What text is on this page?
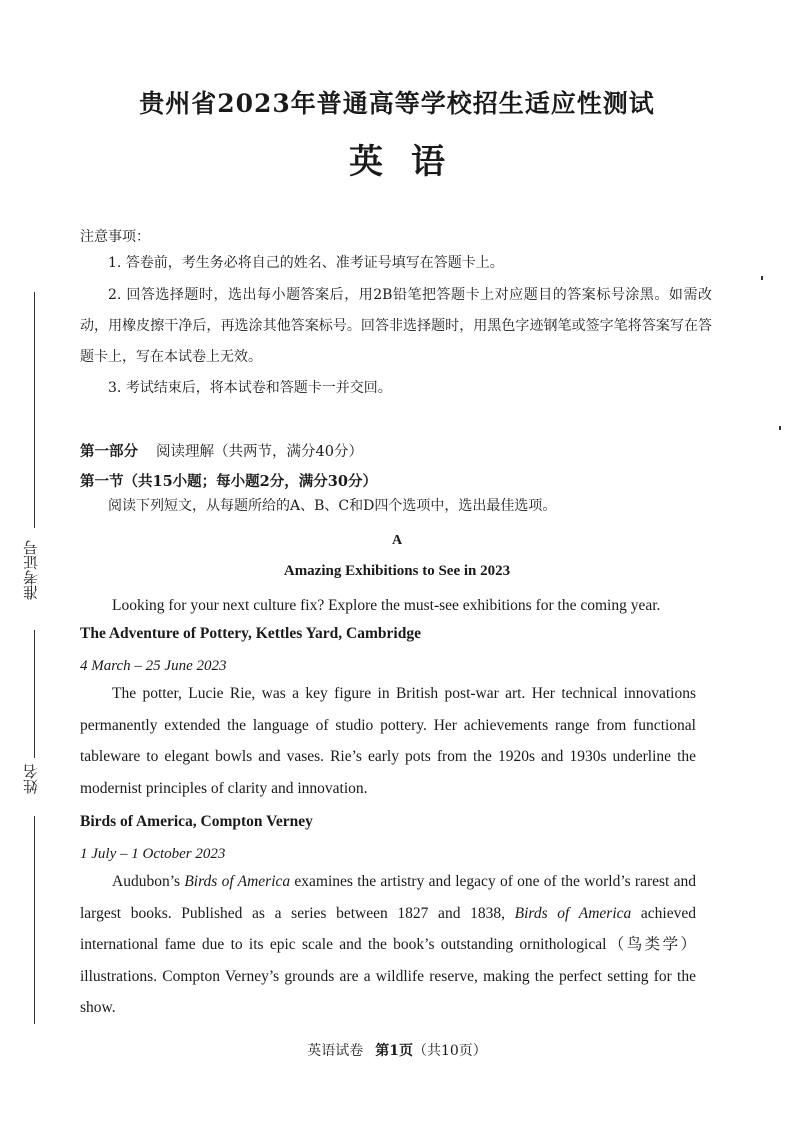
贵州省2023年普通高等学校招生适应性测试
英语
注意事项：
1. 答卷前，考生务必将自己的姓名、准考证号填写在答题卡上。
2. 回答选择题时，选出每小题答案后，用2B铅笔把答题卡上对应题目的答案标号涂黑。如需改动，用橡皮擦干净后，再选涂其他答案标号。回答非选择题时，用黑色字迹钢笔或签字笔将答案写在答题卡上，写在本试卷上无效。
3. 考试结束后，将本试卷和答题卡一并交回。
第一部分 阅读理解（共两节，满分40分）
第一节（共15小题；每小题2分，满分30分）
阅读下列短文，从每题所给的A、B、C和D四个选项中，选出最佳选项。
A
Amazing Exhibitions to See in 2023
Looking for your next culture fix? Explore the must-see exhibitions for the coming year.
The Adventure of Pottery, Kettles Yard, Cambridge
4 March – 25 June 2023
The potter, Lucie Rie, was a key figure in British post-war art. Her technical innovations permanently extended the language of studio pottery. Her achievements range from functional tableware to elegant bowls and vases. Rie’s early pots from the 1920s and 1930s underline the modernist principles of clarity and innovation.
Birds of America, Compton Verney
1 July – 1 October 2023
Audubon’s Birds of America examines the artistry and legacy of one of the world’s rarest and largest books. Published as a series between 1827 and 1838, Birds of America achieved international fame due to its epic scale and the book’s outstanding ornithological（鸟类学）illustrations. Compton Verney’s grounds are a wildlife reserve, making the perfect setting for the show.
英语试卷 第1页（共10页）
准考证号
姓名
